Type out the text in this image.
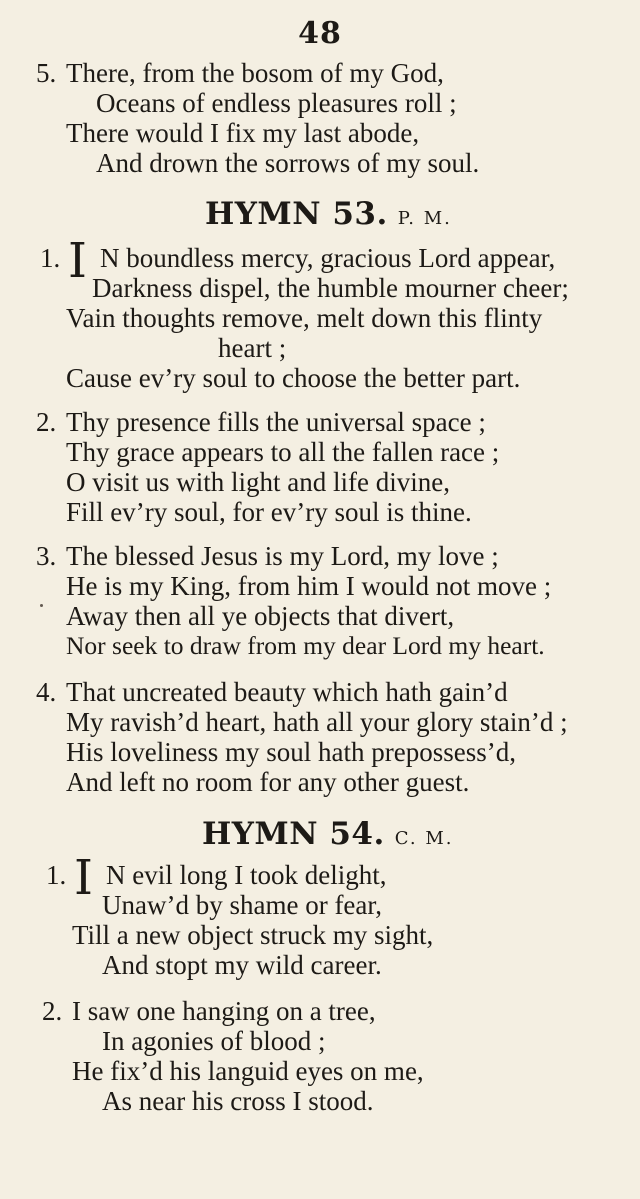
48
5. There, from the bosom of my God,
Oceans of endless pleasures roll ;
There would I fix my last abode,
And drown the sorrows of my soul.
HYMN 53. P. M.
1. I N boundless mercy, gracious Lord appear,
Darkness dispel, the humble mourner cheer;
Vain thoughts remove, melt down this flinty
heart ;
Cause ev’ry soul to choose the better part.
2. Thy presence fills the universal space ;
Thy grace appears to all the fallen race ;
O visit us with light and life divine,
Fill ev’ry soul, for ev’ry soul is thine.
3. The blessed Jesus is my Lord, my love ;
He is my King, from him I would not move ;
Away then all ye objects that divert,
Nor seek to draw from my dear Lord my heart.
4. That uncreated beauty which hath gain’d
My ravish’d heart, hath all your glory stain’d ;
His loveliness my soul hath prepossess’d,
And left no room for any other guest.
HYMN 54. C. M.
1. I N evil long I took delight,
Unaw’d by shame or fear,
Till a new object struck my sight,
And stopt my wild career.
2. I saw one hanging on a tree,
In agonies of blood ;
He fix’d his languid eyes on me,
As near his cross I stood.
